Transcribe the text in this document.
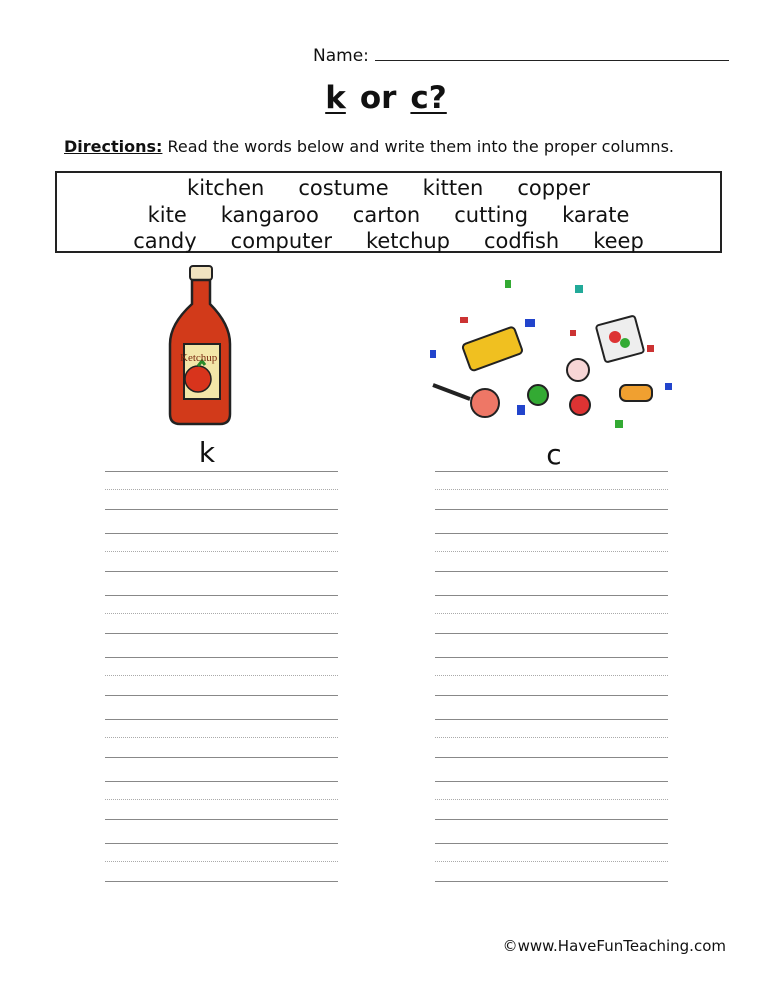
Name:
k or c?
Directions: Read the words below and write them into the proper columns.
kitchen costume kitten copper
kite kangaroo carton cutting karate
candy computer ketchup codfish keep
Ketchup
k	c
©www.HaveFunTeaching.com
